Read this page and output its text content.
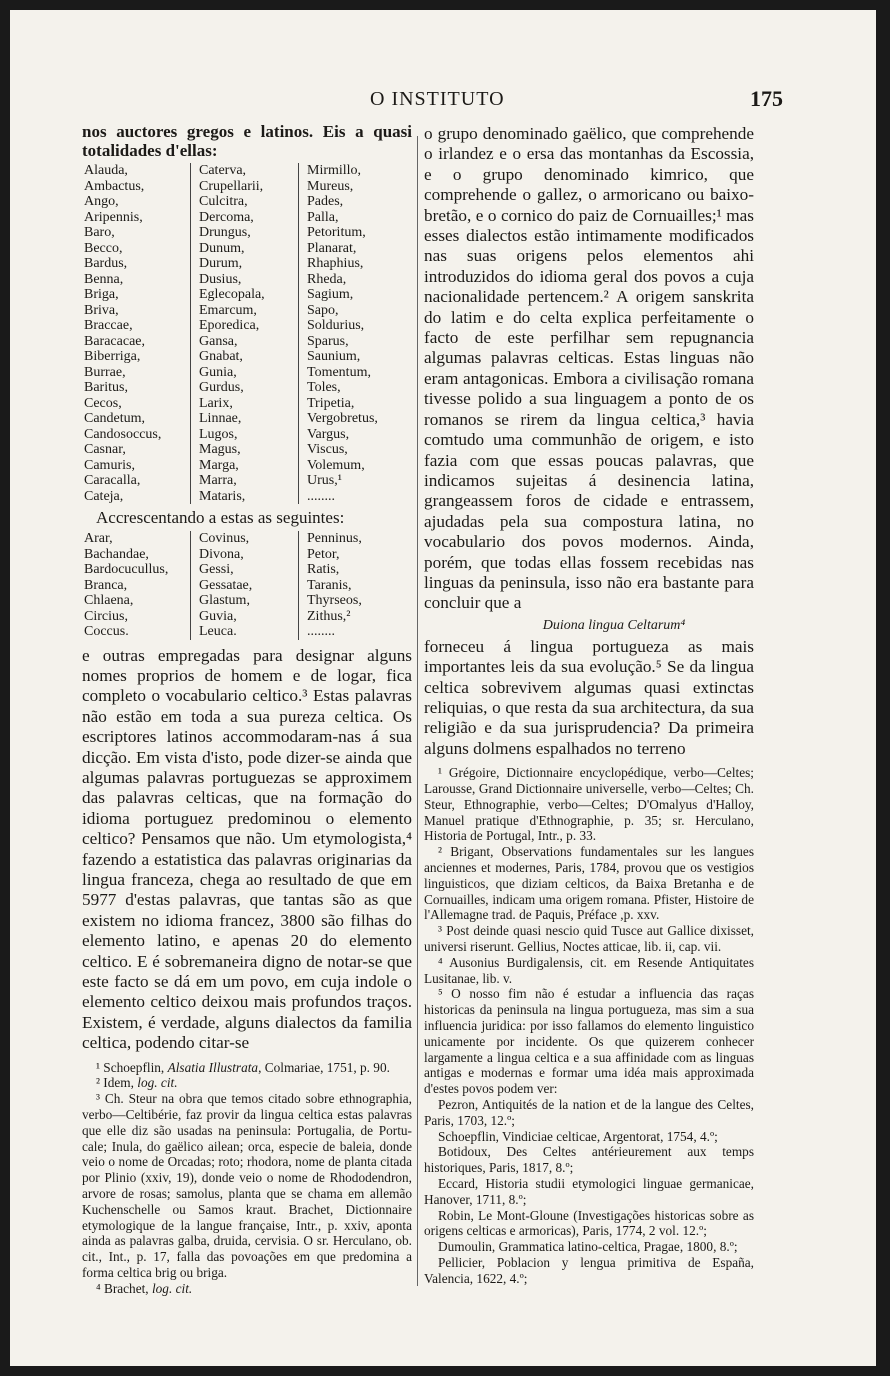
O INSTITUTO	175

nos auctores gregos e latinos. Eis a quasi totalidades d'ellas:

Alauda,
Ambactus,
Ango,
Aripennis,
Baro,
Becco,
Bardus,
Benna,
Briga,
Briva,
Braccae,
Baracacae,
Biberriga,
Burrae,
Baritus,
Cecos,
Candetum,
Candosoccus,
Casnar,
Camuris,
Caracalla,
Cateja,
Caterva,
Crupellarii,
Culcitra,
Dercoma,
Drungus,
Dunum,
Durum,
Dusius,
Eglecopala,
Emarcum,
Eporedica,
Gansa,
Gnabat,
Gunia,
Gurdus,
Larix,
Linnae,
Lugos,
Magus,
Marga,
Marra,
Mataris,
Mirmillo,
Mureus,
Pades,
Palla,
Petoritum,
Planarat,
Rhaphius,
Rheda,
Sagium,
Sapo,
Soldurius,
Sparus,
Saunium,
Tomentum,
Toles,
Tripetia,
Vergobretus,
Vargus,
Viscus,
Volemum,
Urus,¹
........

Accrescentando a estas as seguintes:

Arar,
Bachandae,
Bardocucullus,
Branca,
Chlaena,
Circius,
Coccus.
Covinus,
Divona,
Gessi,
Gessatae,
Glastum,
Guvia,
Leuca.
Penninus,
Petor,
Ratis,
Taranis,
Thyrseos,
Zithus,²
........

e outras empregadas para designar alguns nomes proprios de homem e de logar, fica completo o vocabulario celtico.³ Estas palavras não estão em toda a sua pureza celtica. Os escriptores latinos accommodaram-nas á sua dicção. Em vista d'isto, pode dizer-se ainda que algumas palavras portuguezas se approximem das palavras celticas, que na formação do idioma portuguez predominou o elemento celtico? Pensamos que não. Um etymologista,⁴ fazendo a estatistica das palavras originarias da lingua franceza, chega ao resultado de que em 5977 d'estas palavras, que tantas são as que existem no idioma francez, 3800 são filhas do elemento latino, e apenas 20 do elemento celtico. E é sobremaneira digno de notar-se que este facto se dá em um povo, em cuja indole o elemento celtico deixou mais profundos traços. Existem, é verdade, alguns dialectos da familia celtica, podendo citar-se

¹ Schoepflin, Alsatia Illustrata, Colmariae, 1751, p. 90.

² Idem, log. cit.

³ Ch. Steur na obra que temos citado sobre ethnographia, verbo—Celtibérie, faz provir da lingua celtica estas palavras que elle diz são usadas na peninsula: Portugalia, de Portu-cale; Inula, do gaëlico ailean; orca, especie de baleia, donde veio o nome de Orcadas; roto; rhodora, nome de planta citada por Plinio (xxiv, 19), donde veio o nome de Rhododendron, arvore de rosas; samolus, planta que se chama em allemão Kuchenschelle ou Samos kraut. Brachet, Dictionnaire etymologique de la langue française, Intr., p. xxiv, aponta ainda as palavras galba, druida, cervisia. O sr. Herculano, ob. cit., Int., p. 17, falla das povoações em que predomina a forma celtica brig ou briga.

⁴ Brachet, log. cit.

o grupo denominado gaëlico, que comprehende o irlandez e o ersa das montanhas da Escossia, e o grupo denominado kimrico, que comprehende o gallez, o armoricano ou baixo-bretão, e o cornico do paiz de Cornuailles;¹ mas esses dialectos estão intimamente modificados nas suas origens pelos elementos ahi introduzidos do idioma geral dos povos a cuja nacionalidade pertencem.² A origem sanskrita do latim e do celta explica perfeitamente o facto de este perfilhar sem repugnancia algumas palavras celticas. Estas linguas não eram antagonicas. Embora a civilisação romana tivesse polido a sua linguagem a ponto de os romanos se rirem da lingua celtica,³ havia comtudo uma communhão de origem, e isto fazia com que essas poucas palavras, que indicamos sujeitas á desinencia latina, grangeassem foros de cidade e entrassem, ajudadas pela sua compostura latina, no vocabulario dos povos modernos. Ainda, porém, que todas ellas fossem recebidas nas linguas da peninsula, isso não era bastante para concluir que a

Duiona lingua Celtarum⁴

forneceu á lingua portugueza as mais importantes leis da sua evolução.⁵ Se da lingua celtica sobrevivem algumas quasi extinctas reliquias, o que resta da sua architectura, da sua religião e da sua jurisprudencia? Da primeira alguns dolmens espalhados no terreno

¹ Grégoire, Dictionnaire encyclopédique, verbo—Celtes; Larousse, Grand Dictionnaire universelle, verbo—Celtes; Ch. Steur, Ethnographie, verbo—Celtes; D'Omalyus d'Halloy, Manuel pratique d'Ethnographie, p. 35; sr. Herculano, Historia de Portugal, Intr., p. 33.

² Brigant, Observations fundamentales sur les langues anciennes et modernes, Paris, 1784, provou que os vestigios linguisticos, que diziam celticos, da Baixa Bretanha e de Cornuailles, indicam uma origem romana. Pfister, Histoire de l'Allemagne trad. de Paquis, Préface ,p. xxv.

³ Post deinde quasi nescio quid Tusce aut Gallice dixisset, universi riserunt. Gellius, Noctes atticae, lib. ii, cap. vii.

⁴ Ausonius Burdigalensis, cit. em Resende Antiquitates Lusitanae, lib. v.

⁵ O nosso fim não é estudar a influencia das raças historicas da peninsula na lingua portugueza, mas sim a sua influencia juridica: por isso fallamos do elemento linguistico unicamente por incidente. Os que quizerem conhecer largamente a lingua celtica e a sua affinidade com as linguas antigas e modernas e formar uma idéa mais approximada d'estes povos podem ver:

Pezron, Antiquités de la nation et de la langue des Celtes, Paris, 1703, 12.º;

Schoepflin, Vindiciae celticae, Argentorat, 1754, 4.º;

Botidoux, Des Celtes antérieurement aux temps historiques, Paris, 1817, 8.º;

Eccard, Historia studii etymologici linguae germanicae, Hanover, 1711, 8.º;

Robin, Le Mont-Gloune (Investigações historicas sobre as origens celticas e armoricas), Paris, 1774, 2 vol. 12.º;

Dumoulin, Grammatica latino-celtica, Pragae, 1800, 8.º;

Pellicier, Poblacion y lengua primitiva de España, Valencia, 1622, 4.º;
